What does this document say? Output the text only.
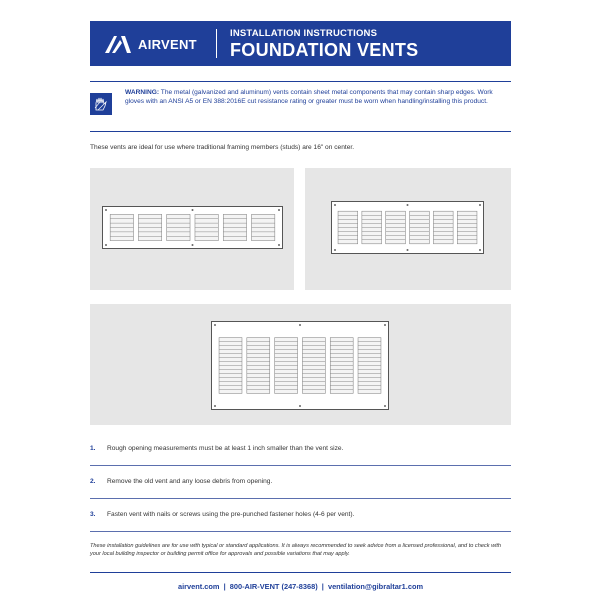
AIRVENT
INSTALLATION INSTRUCTIONS
FOUNDATION VENTS
WARNING: The metal (galvanized and aluminum) vents contain sheet metal components that may contain sharp edges. Work gloves with an ANSI A5 or EN 388:2016E cut resistance rating or greater must be worn when handling/installing this product.
These vents are ideal for use where traditional framing members (studs) are 16" on center.
1. Rough opening measurements must be at least 1 inch smaller than the vent size.
2. Remove the old vent and any loose debris from opening.
3. Fasten vent with nails or screws using the pre-punched fastener holes (4-6 per vent).
These installation guidelines are for use with typical or standard applications. It is always recommended to seek advice from a licensed professional, and to check with your local building inspector or building permit office for approvals and possible variations that may apply.
airvent.com | 800-AIR-VENT (247-8368) | ventilation@gibraltar1.com
